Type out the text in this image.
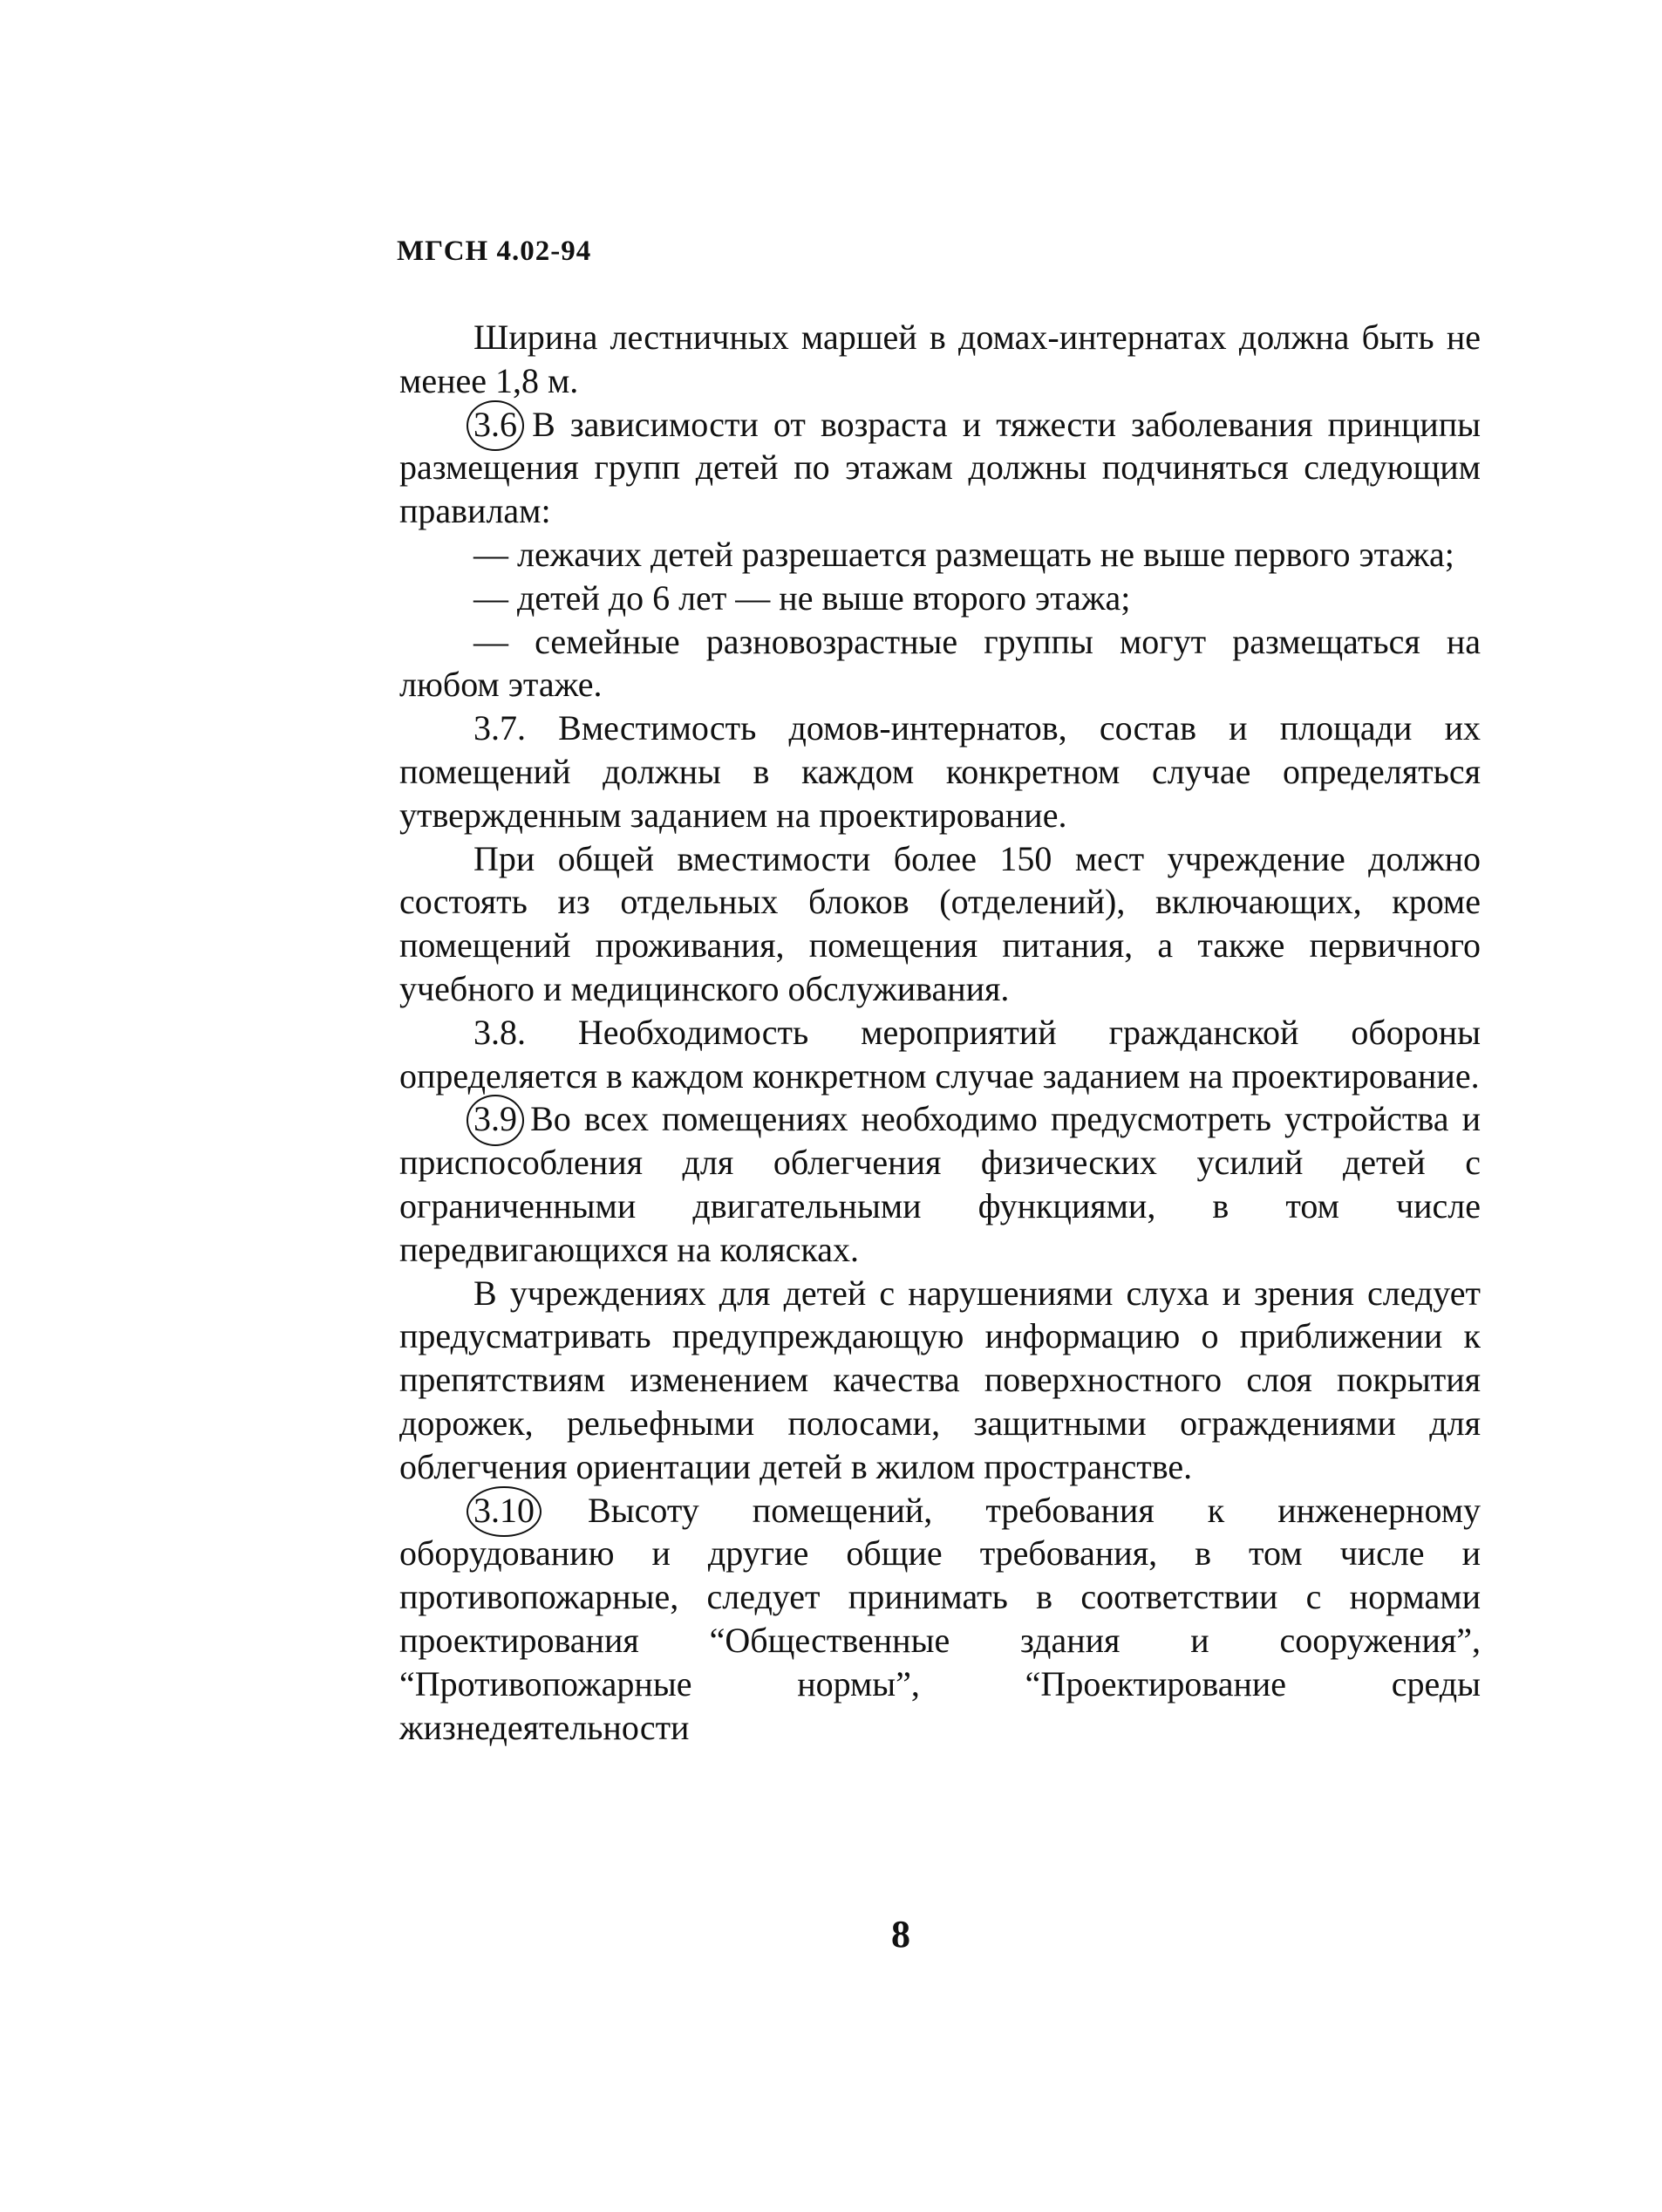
МГСН 4.02-94

Ширина лестничных маршей в домах-интернатах должна быть не менее 1,8 м.

3.6 В зависимости от возраста и тяжести заболевания принципы размещения групп детей по этажам должны подчиняться следующим правилам:

— лежачих детей разрешается размещать не выше первого этажа;

— детей до 6 лет — не выше второго этажа;

— семейные разновозрастные группы могут размещаться на любом этаже.

3.7. Вместимость домов-интернатов, состав и площади их помещений должны в каждом конкретном случае определяться утвержденным заданием на проектирование.

При общей вместимости более 150 мест учреждение должно состоять из отдельных блоков (отделений), включающих, кроме помещений проживания, помещения питания, а также первичного учебного и медицинского обслуживания.

3.8. Необходимость мероприятий гражданской обороны определяется в каждом конкретном случае заданием на проектирование.

3.9 Во всех помещениях необходимо предусмотреть устройства и приспособления для облегчения физических усилий детей с ограниченными двигательными функциями, в том числе передвигающихся на колясках.

В учреждениях для детей с нарушениями слуха и зрения следует предусматривать предупреждающую информацию о приближении к препятствиям изменением качества поверхностного слоя покрытия дорожек, рельефными полосами, защитными ограждениями для облегчения ориентации детей в жилом пространстве.

3.10 Высоту помещений, требования к инженерному оборудованию и другие общие требования, в том числе и противопожарные, следует принимать в соответствии с нормами проектирования “Общественные здания и сооружения”, “Противопожарные нормы”, “Проектирование среды жизнедеятельности

8
